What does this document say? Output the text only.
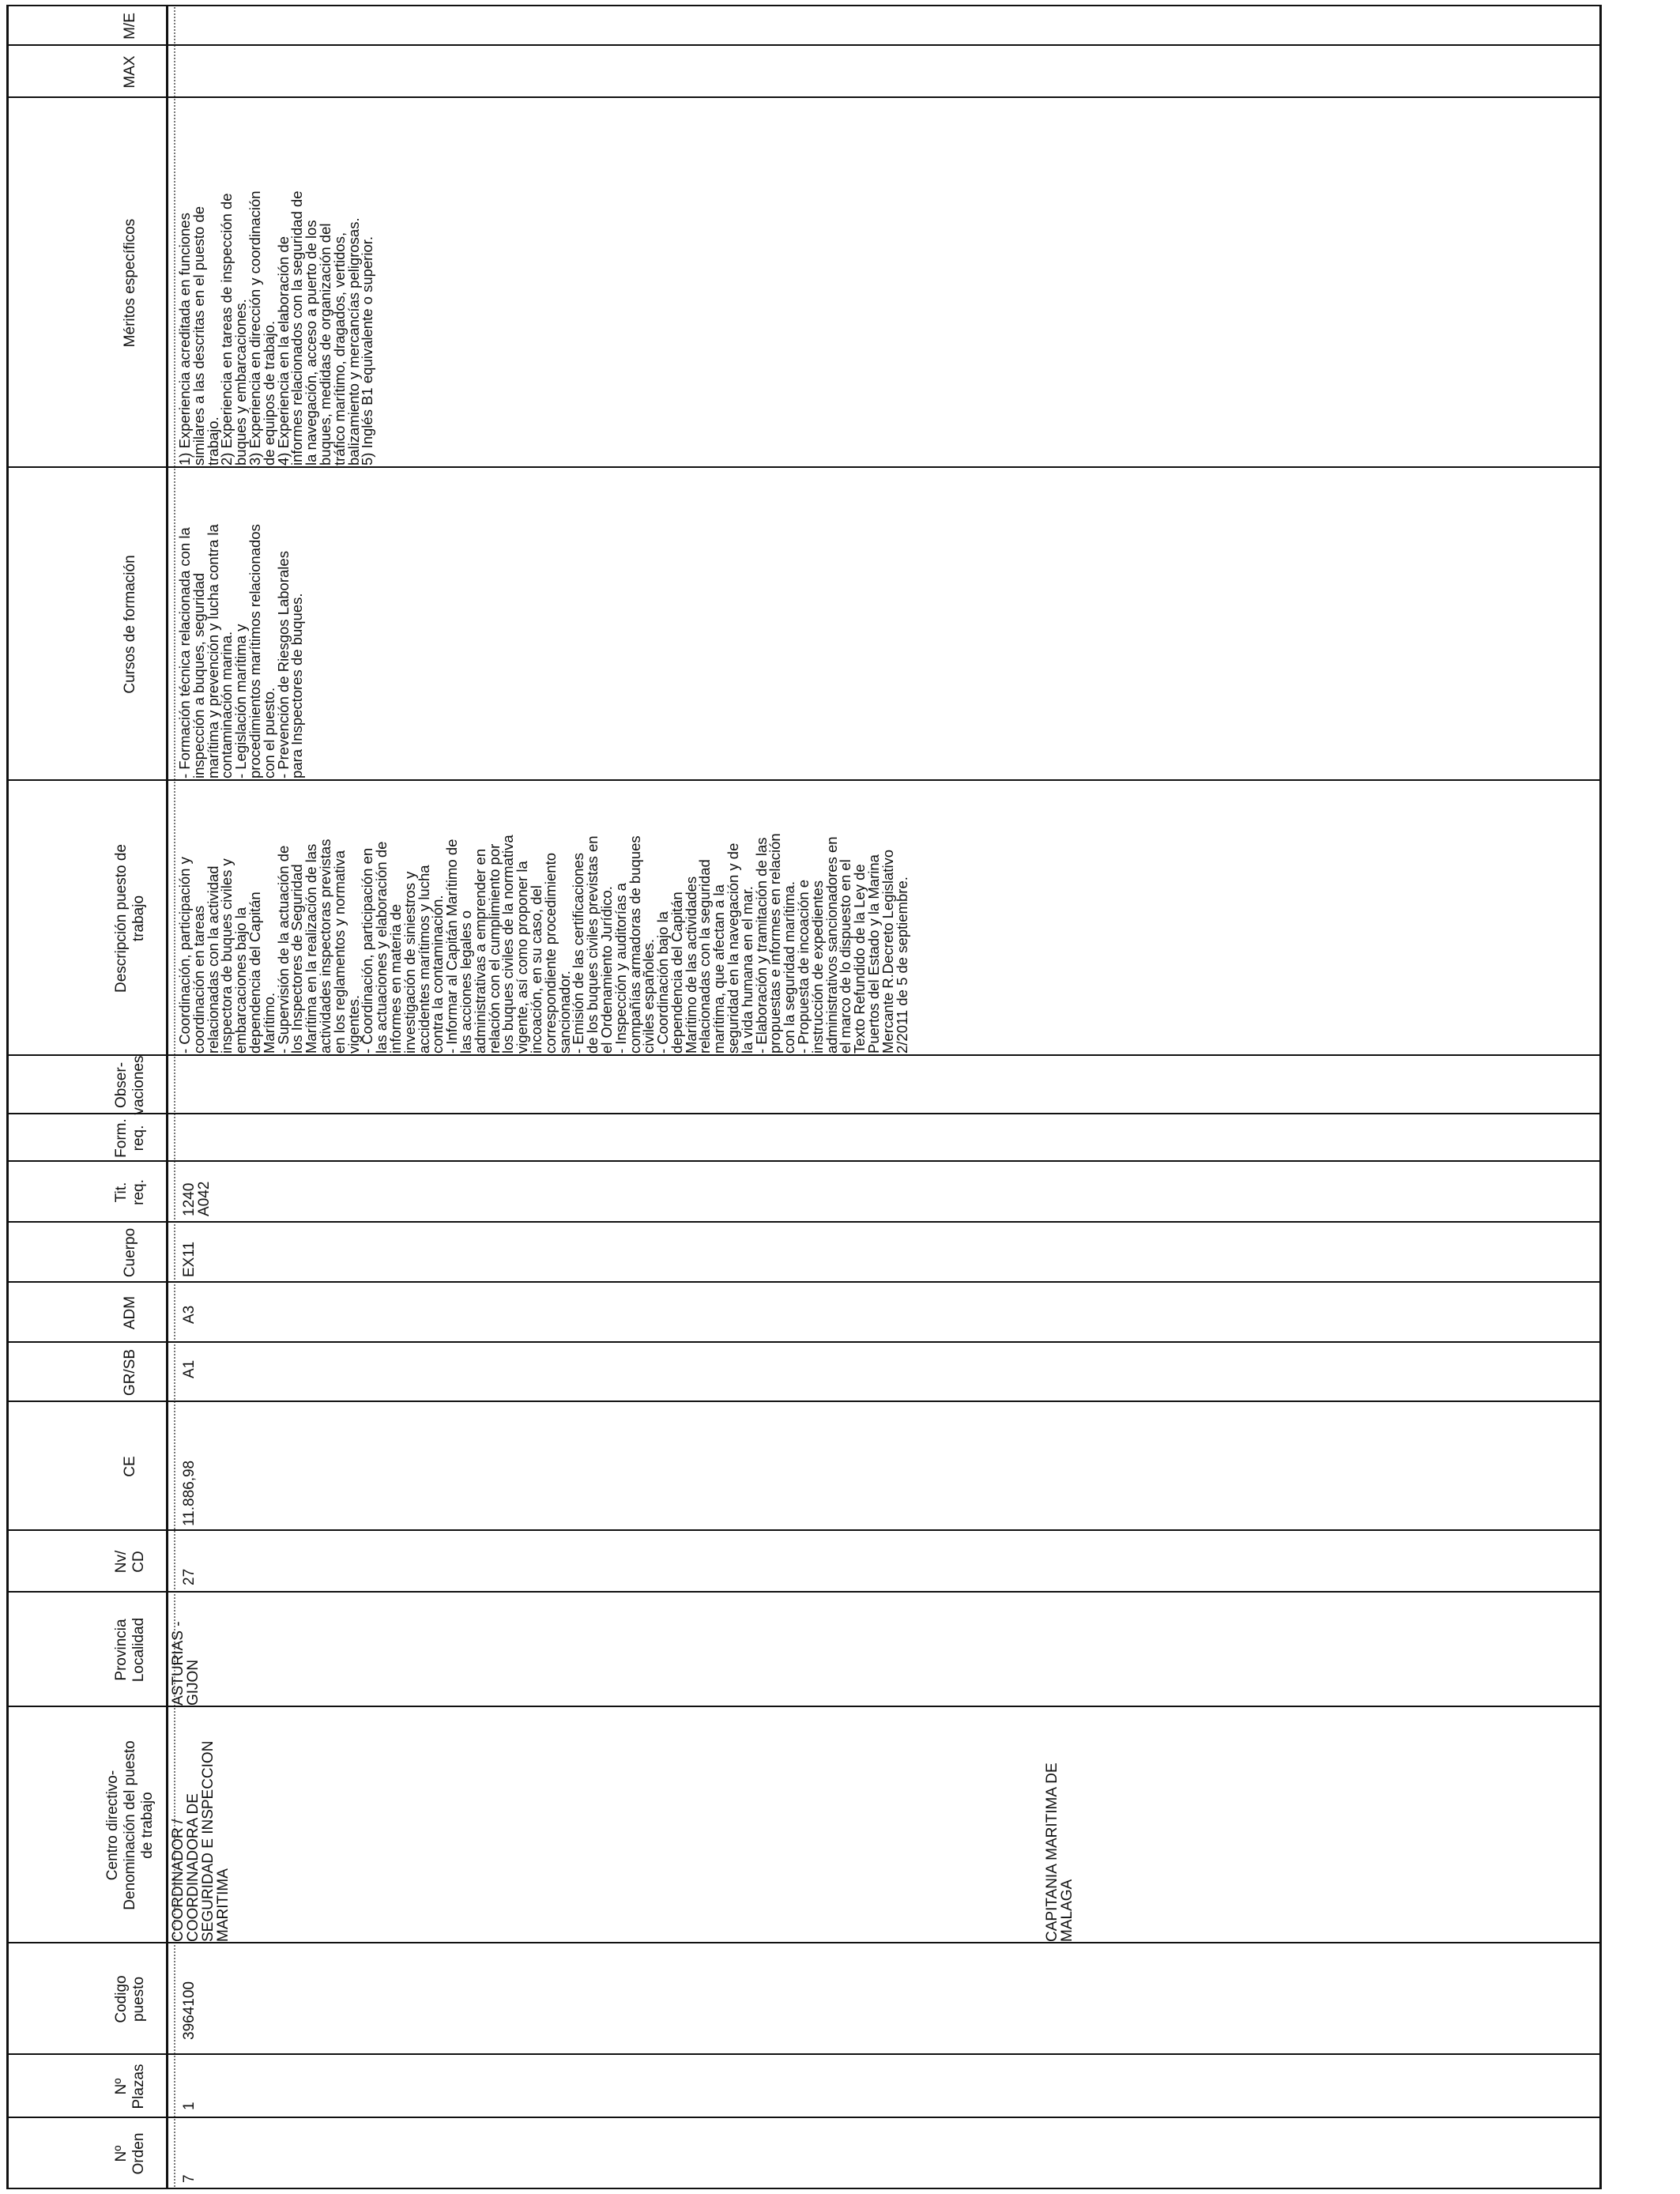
Nº
Orden
Nº
Plazas
Codigo
puesto
Centro directivo-
Denominación del puesto
de trabajo
Provincia
Localidad
Nv/
CD
CE
GR/SB
ADM
Cuerpo
Tit.
req.
Form.
req.
Obser-
vaciones
Descripción puesto de
trabajo
Cursos de formación
Méritos específicos
MAX
M/E
7
1
3964100
COORDINADOR /
COORDINADORA DE
SEGURIDAD E INSPECCION
MARITIMA
ASTURIAS -
GIJON
27
11.886,98
A1
A3
EX11
1240
A042
- Coordinación, participación y
coordinación en tareas
relacionadas con la actividad
inspectora de buques civiles y
embarcaciones bajo la
dependencia del Capitán
Marítimo.
- Supervisión de la actuación de
los Inspectores de Seguridad
Marítima en la realización de las
actividades inspectoras previstas
en los reglamentos y normativa
vigentes.
- Coordinación, participación en
las actuaciones y elaboración de
informes en materia de
investigación de siniestros y
accidentes marítimos y lucha
contra la contaminación.
- Informar al Capitán Marítimo de
las acciones legales o
administrativas a emprender en
relación con el cumplimiento por
los buques civiles de la normativa
vigente, así como proponer la
incoación, en su caso, del
correspondiente procedimiento
sancionador.
- Emisión de las certificaciones
de los buques civiles previstas en
el Ordenamiento Jurídico.
- Inspección y auditorías a
compañías armadoras de buques
civiles españoles.
- Coordinación bajo la
dependencia del Capitán
Marítimo de las actividades
relacionadas con la seguridad
marítima, que afectan a la
seguridad en la navegación y de
la vida humana en el mar.
- Elaboración y tramitación de las
propuestas e informes en relación
con la seguridad marítima.
- Propuesta de incoación e
instrucción de expedientes
administrativos sancionadores en
el marco de lo dispuesto en el
Texto Refundido de la Ley de
Puertos del Estado y la Marina
Mercante R.Decreto Legislativo
2/2011 de 5 de septiembre.
- Formación técnica relacionada con la
inspección a buques, seguridad
marítima y prevención y lucha contra la
contaminación marina.
- Legislación marítima y
procedimientos marítimos relacionados
con el puesto.
- Prevención de Riesgos Laborales
para Inspectores de buques.
1) Experiencia acreditada en funciones
similares a las descritas en el puesto de
trabajo.
2) Experiencia en tareas de inspección de
buques y embarcaciones.
3) Experiencia en dirección y coordinación
de equipos de trabajo.
4) Experiencia en la elaboración de
informes relacionados con la seguridad de
la navegación, acceso a puerto de los
buques, medidas de organización del
tráfico marítimo, dragados, vertidos,
balizamiento y mercancías peligrosas.
5) Inglés B1 equivalente o superior.
CAPITANIA MARITIMA DE
MALAGA
